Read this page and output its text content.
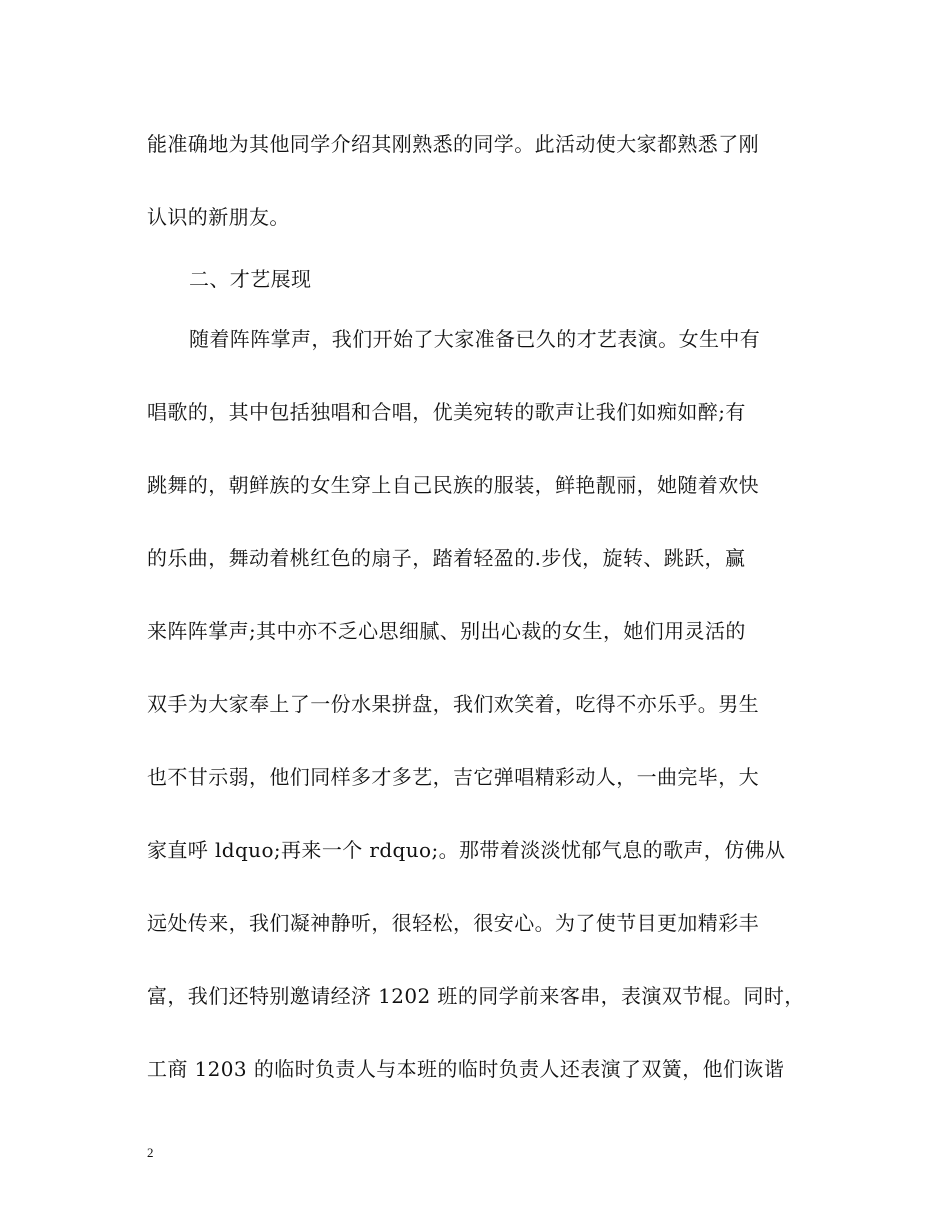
能准确地为其他同学介绍其刚熟悉的同学。此活动使大家都熟悉了刚
认识的新朋友。
二、才艺展现
随着阵阵掌声，我们开始了大家准备已久的才艺表演。女生中有
唱歌的，其中包括独唱和合唱，优美宛转的歌声让我们如痴如醉;有
跳舞的，朝鲜族的女生穿上自己民族的服装，鲜艳靓丽，她随着欢快
的乐曲，舞动着桃红色的扇子，踏着轻盈的.步伐，旋转、跳跃，赢
来阵阵掌声;其中亦不乏心思细腻、别出心裁的女生，她们用灵活的
双手为大家奉上了一份水果拼盘，我们欢笑着，吃得不亦乐乎。男生
也不甘示弱，他们同样多才多艺，吉它弹唱精彩动人，一曲完毕，大
家直呼 ldquo;再来一个 rdquo;。那带着淡淡忧郁气息的歌声，仿佛从
远处传来，我们凝神静听，很轻松，很安心。为了使节目更加精彩丰
富，我们还特别邀请经济 1202 班的同学前来客串，表演双节棍。同时，
工商 1203 的临时负责人与本班的临时负责人还表演了双簧，他们诙谐
2
